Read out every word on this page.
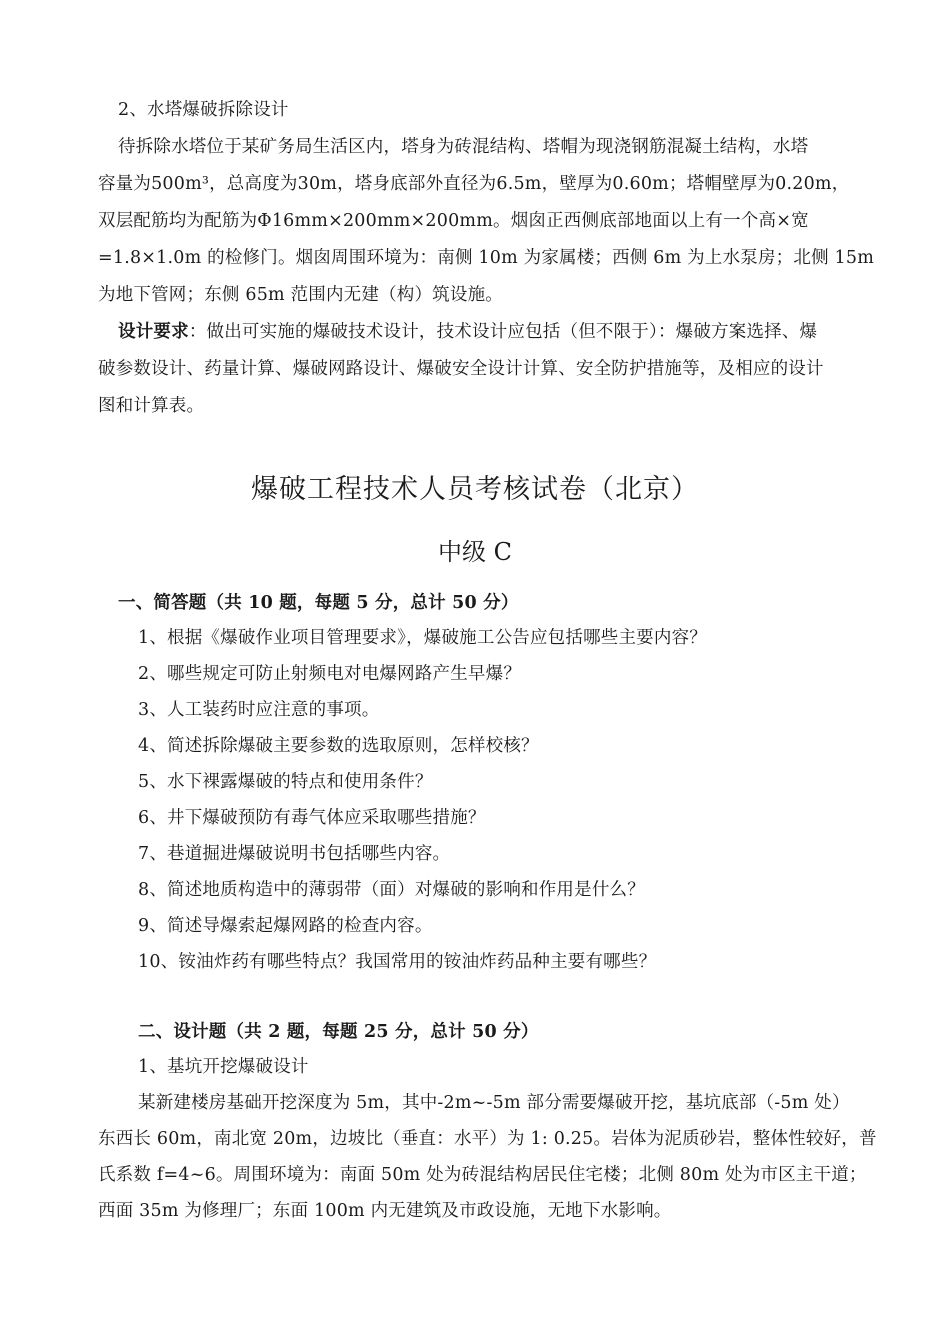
2、水塔爆破拆除设计
待拆除水塔位于某矿务局生活区内，塔身为砖混结构、塔帽为现浇钢筋混凝土结构，水塔
容量为500m³，总高度为30m，塔身底部外直径为6.5m，壁厚为0.60m；塔帽壁厚为0.20m，
双层配筋均为配筋为Φ16mm×200mm×200mm。烟囱正西侧底部地面以上有一个高×宽
=1.8×1.0m 的检修门。烟囱周围环境为：南侧 10m 为家属楼；西侧 6m 为上水泵房；北侧 15m
为地下管网；东侧 65m 范围内无建（构）筑设施。
设计要求：做出可实施的爆破技术设计，技术设计应包括（但不限于）：爆破方案选择、爆
破参数设计、药量计算、爆破网路设计、爆破安全设计计算、安全防护措施等，及相应的设计
图和计算表。
爆破工程技术人员考核试卷（北京）
中级 C
一、简答题（共 10 题，每题 5 分，总计 50 分）
1、根据《爆破作业项目管理要求》，爆破施工公告应包括哪些主要内容？
2、哪些规定可防止射频电对电爆网路产生早爆？
3、人工装药时应注意的事项。
4、简述拆除爆破主要参数的选取原则，怎样校核？
5、水下裸露爆破的特点和使用条件？
6、井下爆破预防有毒气体应采取哪些措施？
7、巷道掘进爆破说明书包括哪些内容。
8、简述地质构造中的薄弱带（面）对爆破的影响和作用是什么？
9、简述导爆索起爆网路的检查内容。
10、铵油炸药有哪些特点？我国常用的铵油炸药品种主要有哪些？
二、设计题（共 2 题，每题 25 分，总计 50 分）
1、基坑开挖爆破设计
某新建楼房基础开挖深度为 5m，其中-2m~-5m 部分需要爆破开挖，基坑底部（-5m 处）
东西长 60m，南北宽 20m，边坡比（垂直：水平）为 1: 0.25。岩体为泥质砂岩，整体性较好，普
氏系数 f=4~6。周围环境为：南面 50m 处为砖混结构居民住宅楼；北侧 80m 处为市区主干道；
西面 35m 为修理厂；东面 100m 内无建筑及市政设施，无地下水影响。
